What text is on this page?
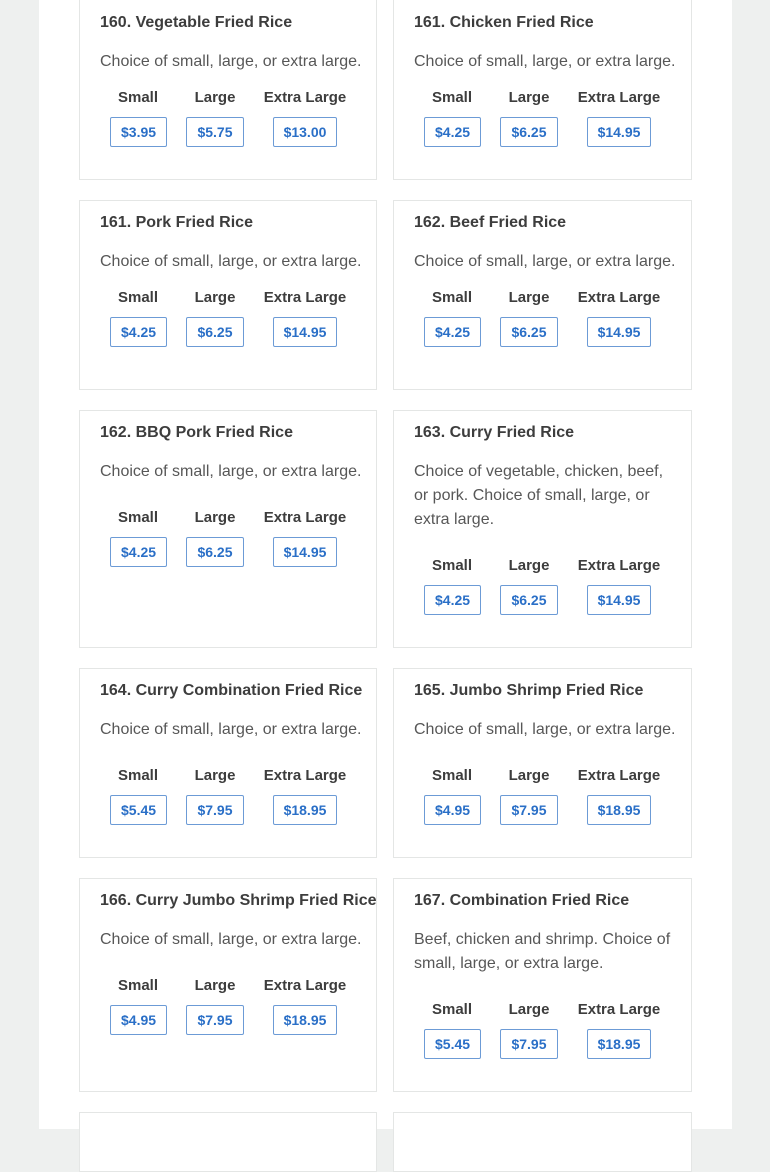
160. Vegetable Fried Rice
Choice of small, large, or extra large.
Small
$3.95
Large
$5.75
Extra Large
$13.00
161. Chicken Fried Rice
Choice of small, large, or extra large.
Small
$4.25
Large
$6.25
Extra Large
$14.95
161. Pork Fried Rice
Choice of small, large, or extra large.
Small
$4.25
Large
$6.25
Extra Large
$14.95
162. Beef Fried Rice
Choice of small, large, or extra large.
Small
$4.25
Large
$6.25
Extra Large
$14.95
162. BBQ Pork Fried Rice
Choice of small, large, or extra large.
Small
$4.25
Large
$6.25
Extra Large
$14.95
163. Curry Fried Rice
Choice of vegetable, chicken, beef, or pork. Choice of small, large, or extra large.
Small
$4.25
Large
$6.25
Extra Large
$14.95
164. Curry Combination Fried Rice
Choice of small, large, or extra large.
Small
$5.45
Large
$7.95
Extra Large
$18.95
165. Jumbo Shrimp Fried Rice
Choice of small, large, or extra large.
Small
$4.95
Large
$7.95
Extra Large
$18.95
166. Curry Jumbo Shrimp Fried Rice
Choice of small, large, or extra large.
Small
$4.95
Large
$7.95
Extra Large
$18.95
167. Combination Fried Rice
Beef, chicken and shrimp. Choice of small, large, or extra large.
Small
$5.45
Large
$7.95
Extra Large
$18.95
